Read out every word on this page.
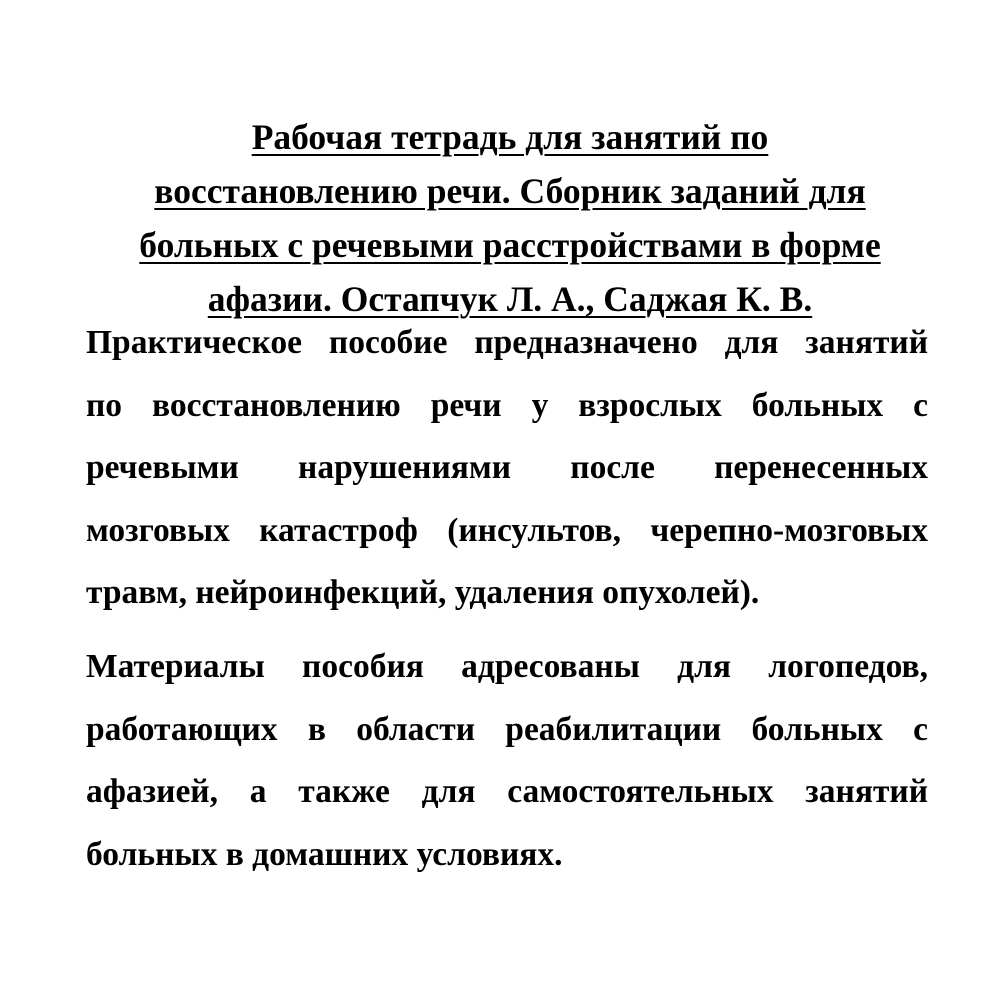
Рабочая тетрадь для занятий по
восстановлению речи. Сборник заданий для
больных с речевыми расстройствами в форме
афазии. Остапчук Л. А., Саджая К. В.

Практическое пособие предназначено для занятий
по восстановлению речи у взрослых больных с
речевыми нарушениями после перенесенных
мозговых катастроф (инсультов, черепно-мозговых
травм, нейроинфекций, удаления опухолей).

Материалы пособия адресованы для логопедов,
работающих в области реабилитации больных с
афазией, а также для самостоятельных занятий
больных в домашних условиях.
